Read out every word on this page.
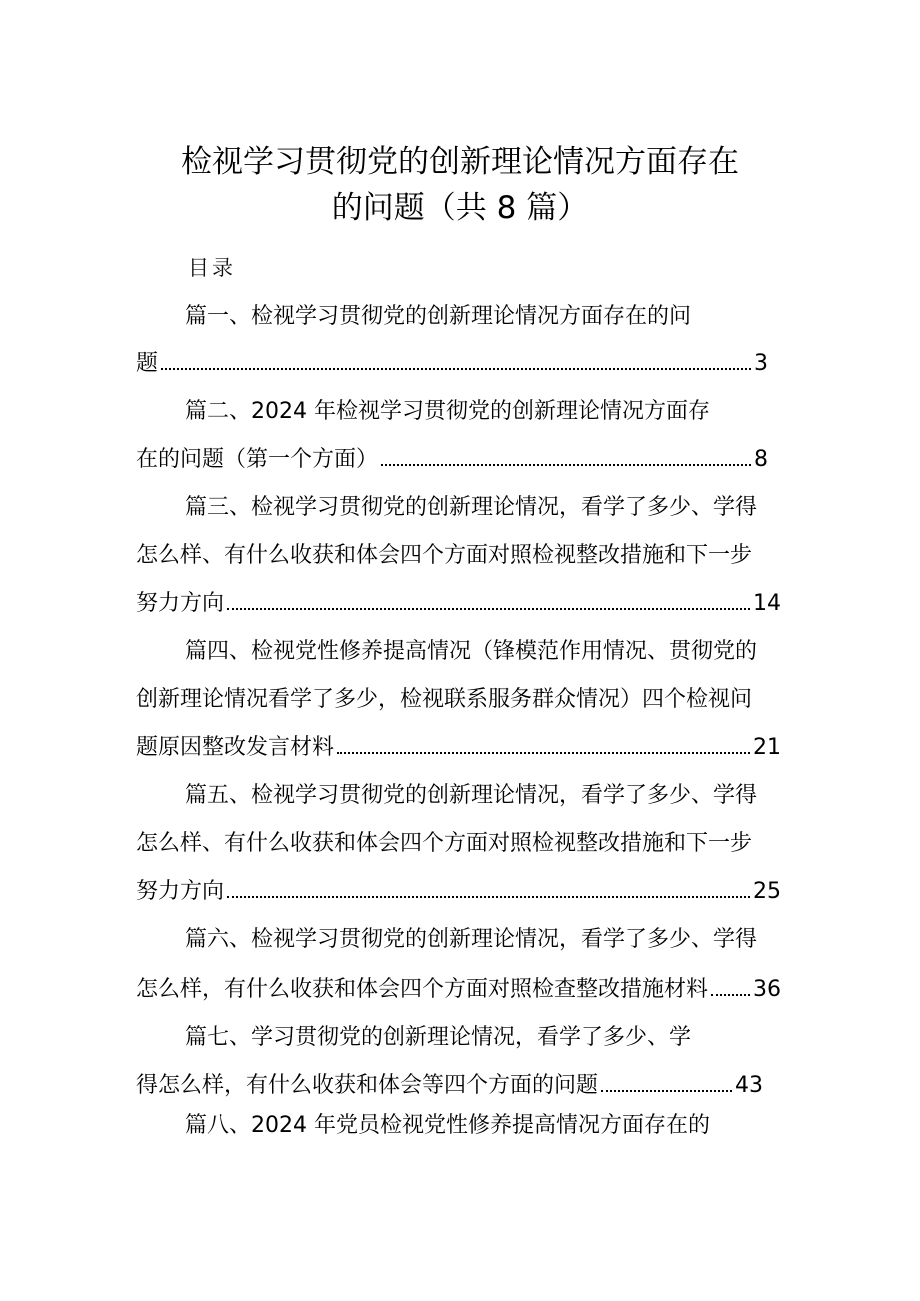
检视学习贯彻党的创新理论情况方面存在
的问题（共 8 篇）
目录
篇一、检视学习贯彻党的创新理论情况方面存在的问
题	3
篇二、2024 年检视学习贯彻党的创新理论情况方面存
在的问题（第一个方面）	8
篇三、检视学习贯彻党的创新理论情况，看学了多少、学得
怎么样、有什么收获和体会四个方面对照检视整改措施和下一步
努力方向	14
篇四、检视党性修养提高情况（锋模范作用情况、贯彻党的
创新理论情况看学了多少，检视联系服务群众情况）四个检视问
题原因整改发言材料	21
篇五、检视学习贯彻党的创新理论情况，看学了多少、学得
怎么样、有什么收获和体会四个方面对照检视整改措施和下一步
努力方向	25
篇六、检视学习贯彻党的创新理论情况，看学了多少、学得
怎么样，有什么收获和体会四个方面对照检查整改措施材料 36
篇七、学习贯彻党的创新理论情况，看学了多少、学
得怎么样，有什么收获和体会等四个方面的问题	43
篇八、2024 年党员检视党性修养提高情况方面存在的
